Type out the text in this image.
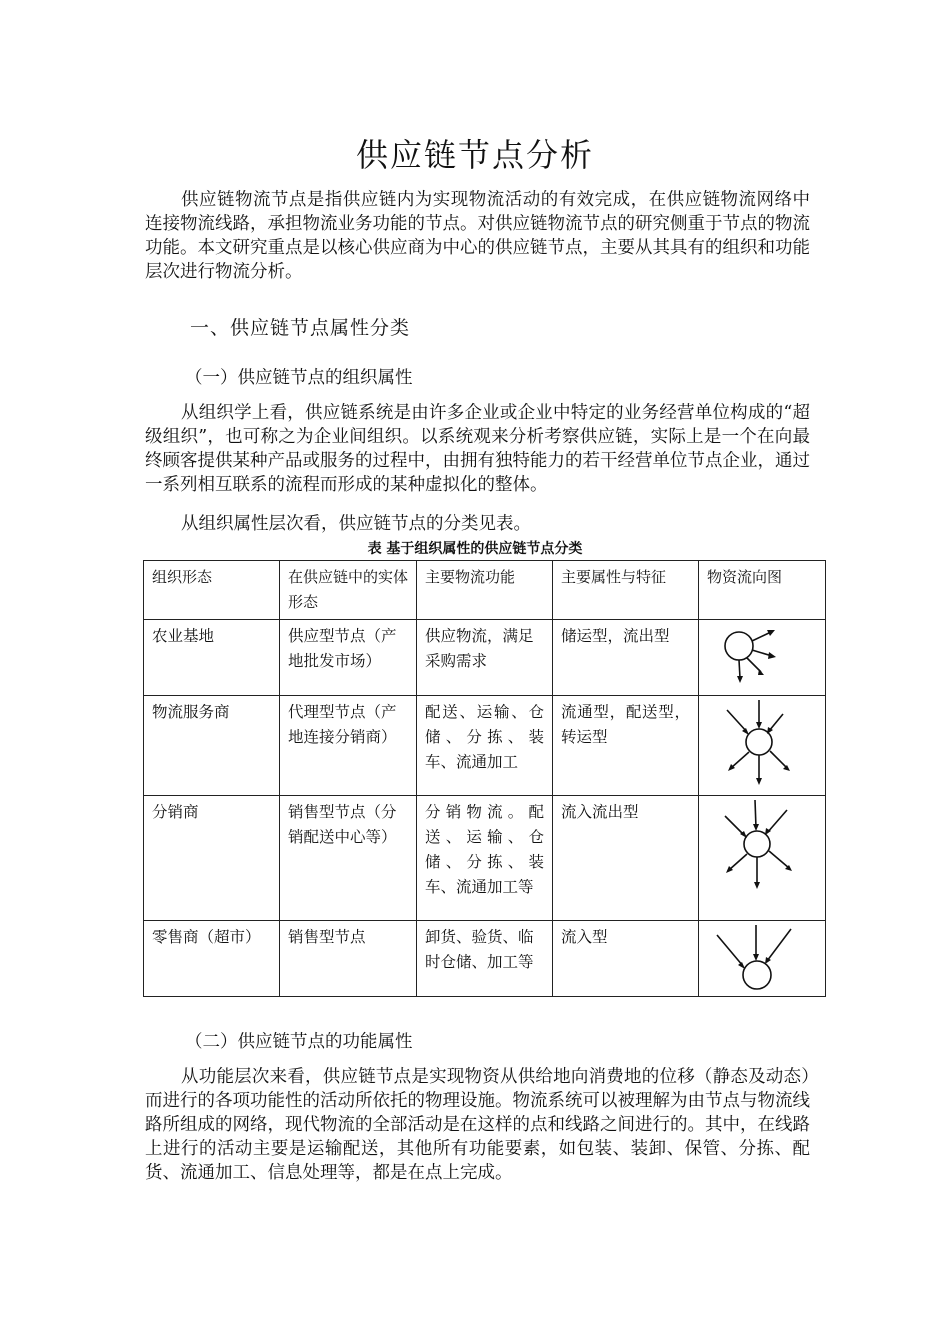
供应链节点分析
供应链物流节点是指供应链内为实现物流活动的有效完成，在供应链物流网络中连接物流线路，承担物流业务功能的节点。对供应链物流节点的研究侧重于节点的物流功能。本文研究重点是以核心供应商为中心的供应链节点，主要从其具有的组织和功能层次进行物流分析。
一、供应链节点属性分类
（一）供应链节点的组织属性
从组织学上看，供应链系统是由许多企业或企业中特定的业务经营单位构成的“超级组织”，也可称之为企业间组织。以系统观来分析考察供应链，实际上是一个在向最终顾客提供某种产品或服务的过程中，由拥有独特能力的若干经营单位节点企业，通过一系列相互联系的流程而形成的某种虚拟化的整体。
从组织属性层次看，供应链节点的分类见表。
表 基于组织属性的供应链节点分类
组织形态	在供应链中的实体形态	主要物流功能	主要属性与特征	物资流向图
农业基地	供应型节点（产地批发市场）	供应物流，满足采购需求	储运型，流出型	

物流服务商	代理型节点（产地连接分销商）	配送、运输、仓储、分拣、装车、流通加工	流通型，配送型，转运型	

分销商	销售型节点（分销配送中心等）	分销物流。配送、运输、仓储、分拣、装车、流通加工等	流入流出型	

零售商（超市）	销售型节点	卸货、验货、临时仓储、加工等	流入型	
（二）供应链节点的功能属性
从功能层次来看，供应链节点是实现物资从供给地向消费地的位移（静态及动态）而进行的各项功能性的活动所依托的物理设施。物流系统可以被理解为由节点与物流线路所组成的网络，现代物流的全部活动是在这样的点和线路之间进行的。其中，在线路上进行的活动主要是运输配送，其他所有功能要素，如包装、装卸、保管、分拣、配货、流通加工、信息处理等，都是在点上完成。
